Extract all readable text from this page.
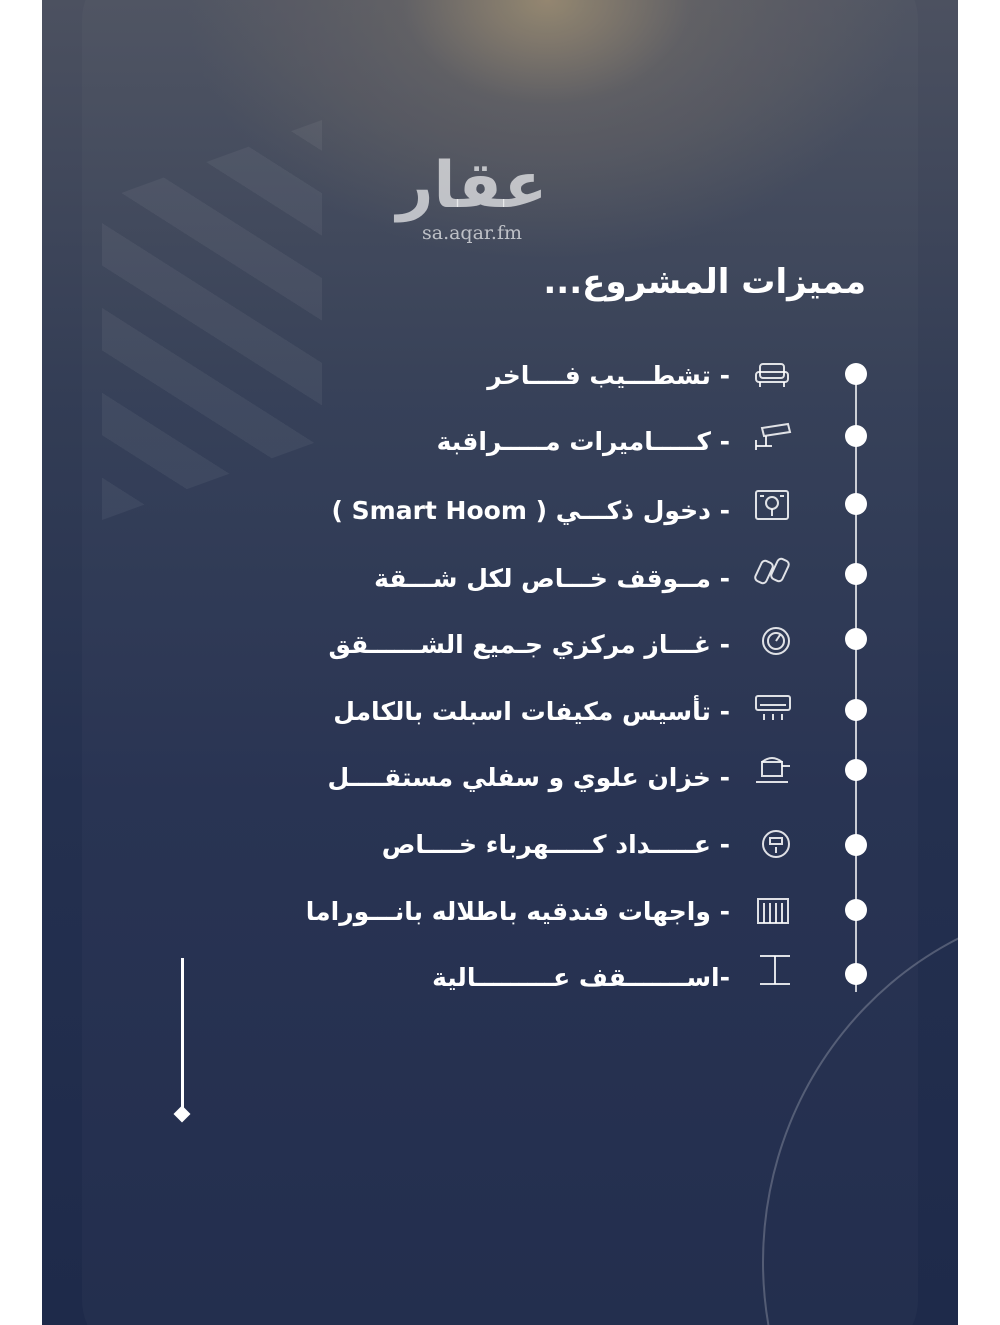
عقار
sa.aqar.fm
مميزات المشروع...
- تشطـــيب فــــاخر
- كـــــاميرات مـــــراقبة
- دخول ذكـــي ( Smart Hoom )
- مــوقف خـــاص لكل شـــقة
- غـــاز مركزي جـميع الشــــــقق
- تأسيس مكيفات اسبلت بالكامل
- خزان علوي و سفلي مستقــــل
- عـــــداد كـــــهرباء خــــاص
- واجهات فندقيه باطلاله بانـــوراما
-اســـــــقف عـــــــــالية
